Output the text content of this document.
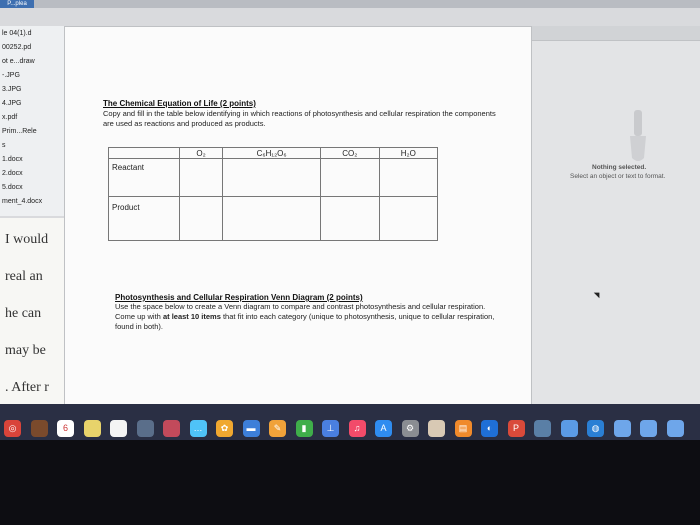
P...plea
le 04(1).d
00252.pd
ot e...draw
-.JPG
3.JPG
4.JPG
x.pdf
Prim...Rele
s
1.docx
2.docx
5.docx
ment_4.docx
I would
real an
he can
may be
. After r
The Chemical Equation of Life (2 points)
Copy and fill in the table below identifying in which reactions of photosynthesis and cellular respiration the components are used as reactions and produced as products.
	O₂	C₆H₁₂O₆	CO₂	H₂O
Reactant				
Product				
Photosynthesis and Cellular Respiration Venn Diagram (2 points)
Use the space below to create a Venn diagram to compare and contrast photosynthesis and cellular respiration. Come up with at least 10 items that fit into each category (unique to photosynthesis, unique to cellular respiration, found in both).
Nothing selected.
Select an object or text to format.
◎	6	…	✿	▬	✎	▮	⊥	♫	A	⚙	▤	◐	P	◍
